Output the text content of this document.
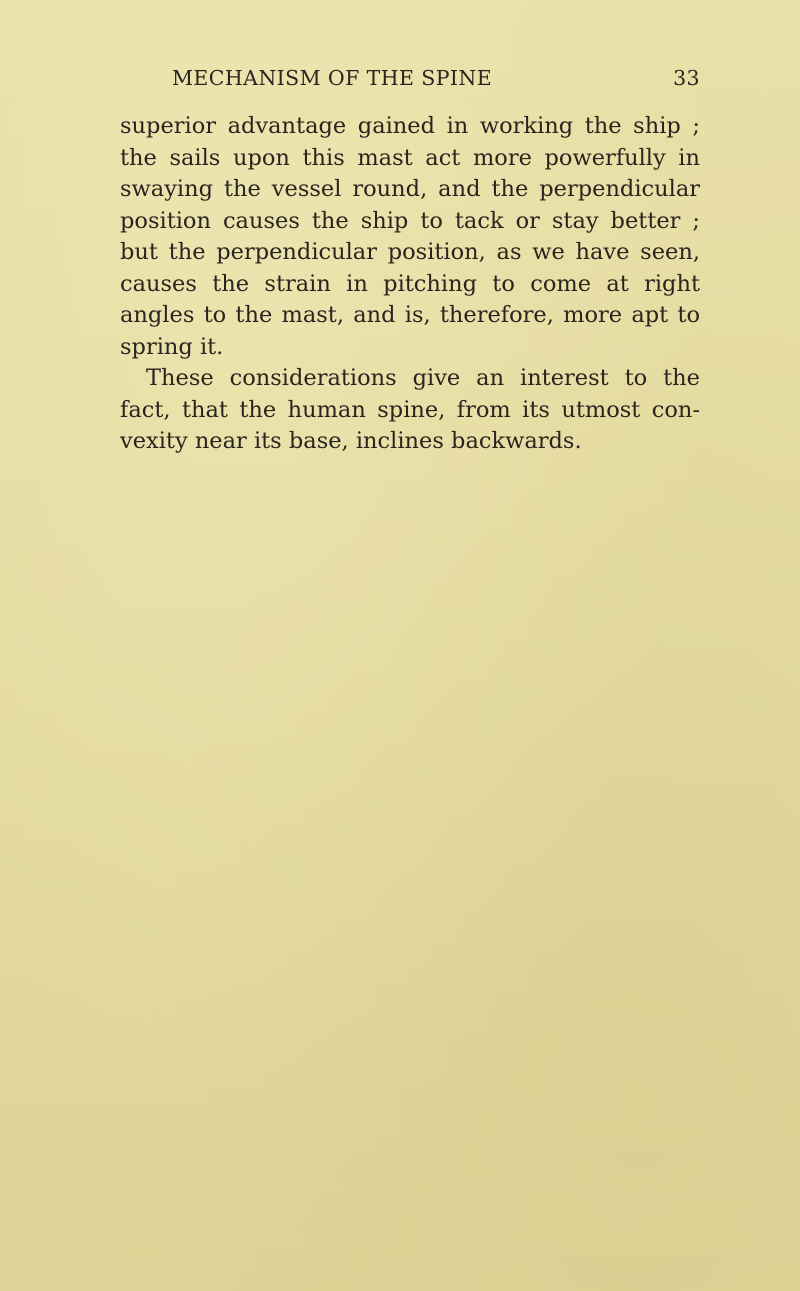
MECHANISM OF THE SPINE	33
superior advantage gained in working the ship ;
the sails upon this mast act more powerfully in
swaying the vessel round, and the perpendicular
position causes the ship to tack or stay better ;
but the perpendicular position, as we have seen,
causes the strain in pitching to come at right
angles to the mast, and is, therefore, more apt to
spring it.
These considerations give an interest to the
fact, that the human spine, from its utmost con-
vexity near its base, inclines backwards.
